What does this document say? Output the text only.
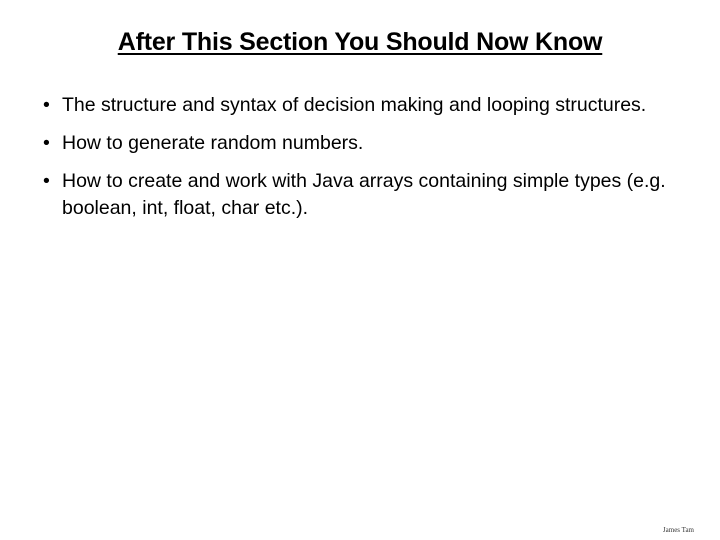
After This Section You Should Now Know
• The structure and syntax of decision making and looping structures.
• How to generate random numbers.
• How to create and work with Java arrays containing simple types (e.g. boolean, int, float, char etc.).
James Tam
